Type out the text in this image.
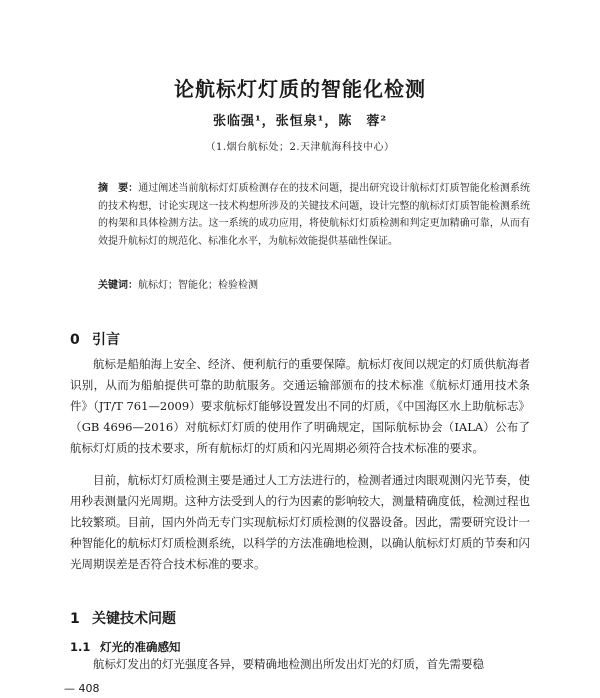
论航标灯灯质的智能化检测
张临强¹，张恒泉¹，陈　蓉²
（1.烟台航标处；2.天津航海科技中心）
摘　要：通过阐述当前航标灯灯质检测存在的技术问题，提出研究设计航标灯灯质智能化检测系统的技术构想，讨论实现这一技术构想所涉及的关键技术问题，设计完整的航标灯灯质智能检测系统的构架和具体检测方法。这一系统的成功应用，将使航标灯灯质检测和判定更加精确可靠，从而有效提升航标灯的规范化、标准化水平，为航标效能提供基础性保证。
关键词：航标灯；智能化；检验检测
0 引言
航标是船舶海上安全、经济、便利航行的重要保障。航标灯夜间以规定的灯质供航海者识别，从而为船舶提供可靠的助航服务。交通运输部颁布的技术标准《航标灯通用技术条件》（JT/T 761—2009）要求航标灯能够设置发出不同的灯质，《中国海区水上助航标志》（GB 4696—2016）对航标灯灯质的使用作了明确规定，国际航标协会（IALA）公布了航标灯灯质的技术要求，所有航标灯的灯质和闪光周期必须符合技术标准的要求。
目前，航标灯灯质检测主要是通过人工方法进行的，检测者通过肉眼观测闪光节奏，使用秒表测量闪光周期。这种方法受到人的行为因素的影响较大，测量精确度低，检测过程也比较繁琐。目前，国内外尚无专门实现航标灯灯质检测的仪器设备。因此，需要研究设计一种智能化的航标灯灯质检测系统，以科学的方法准确地检测，以确认航标灯灯质的节奏和闪光周期误差是否符合技术标准的要求。
1 关键技术问题
1.1 灯光的准确感知
航标灯发出的灯光强度各异，要精确地检测出所发出灯光的灯质，首先需要稳
— 408
